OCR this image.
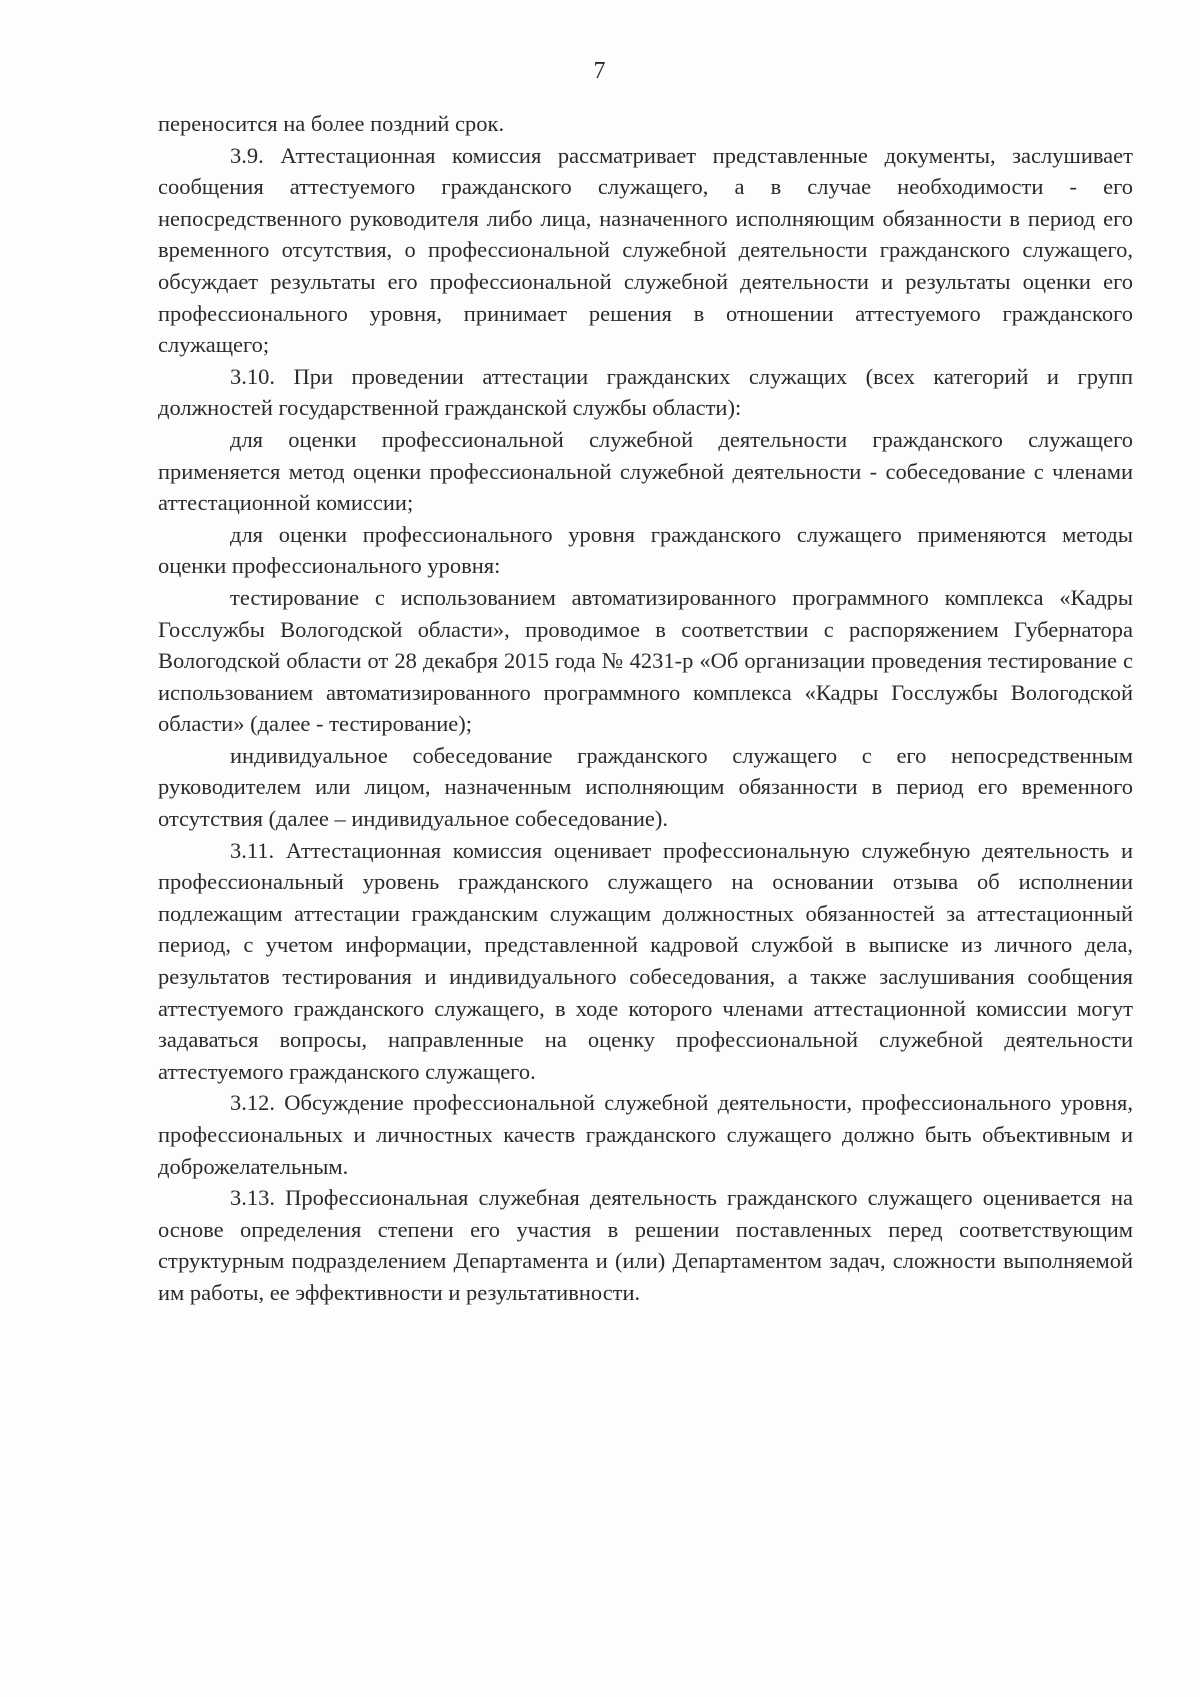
7

переносится на более поздний срок.

3.9. Аттестационная комиссия рассматривает представленные документы, заслушивает сообщения аттестуемого гражданского служащего, а в случае необходимости - его непосредственного руководителя либо лица, назначенного исполняющим обязанности в период его временного отсутствия, о профессиональной служебной деятельности гражданского служащего, обсуждает результаты его профессиональной служебной деятельности и результаты оценки его профессионального уровня, принимает решения в отношении аттестуемого гражданского служащего;

3.10. При проведении аттестации гражданских служащих (всех категорий и групп должностей государственной гражданской службы области):

для оценки профессиональной служебной деятельности гражданского служащего применяется метод оценки профессиональной служебной деятельности - собеседование с членами аттестационной комиссии;

для оценки профессионального уровня гражданского служащего применяются методы оценки профессионального уровня:

тестирование с использованием автоматизированного программного комплекса «Кадры Госслужбы Вологодской области», проводимое в соответствии с распоряжением Губернатора Вологодской области от 28 декабря 2015 года № 4231-р «Об организации проведения тестирование с использованием автоматизированного программного комплекса «Кадры Госслужбы Вологодской области» (далее - тестирование);

индивидуальное собеседование гражданского служащего с его непосредственным руководителем или лицом, назначенным исполняющим обязанности в период его временного отсутствия (далее – индивидуальное собеседование).

3.11. Аттестационная комиссия оценивает профессиональную служебную деятельность и профессиональный уровень гражданского служащего на основании отзыва об исполнении подлежащим аттестации гражданским служащим должностных обязанностей за аттестационный период, с учетом информации, представленной кадровой службой в выписке из личного дела, результатов тестирования и индивидуального собеседования, а также заслушивания сообщения аттестуемого гражданского служащего, в ходе которого членами аттестационной комиссии могут задаваться вопросы, направленные на оценку профессиональной служебной деятельности аттестуемого гражданского служащего.

3.12. Обсуждение профессиональной служебной деятельности, профессионального уровня, профессиональных и личностных качеств гражданского служащего должно быть объективным и доброжелательным.

3.13. Профессиональная служебная деятельность гражданского служащего оценивается на основе определения степени его участия в решении поставленных перед соответствующим структурным подразделением Департамента и (или) Департаментом задач, сложности выполняемой им работы, ее эффективности и результативности.
